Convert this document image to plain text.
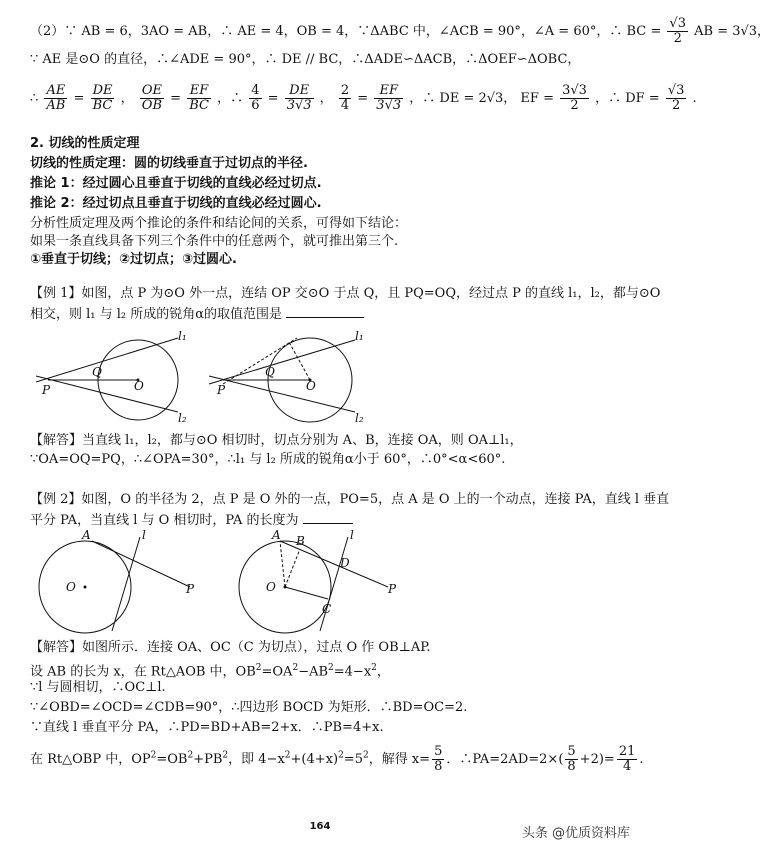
（2）∵ AB = 6，3AO = AB，∴ AE = 4，OB = 4，∵ΔABC 中，∠ACB = 90°，∠A = 60°，∴ BC = $\frac{√3}{2}$ AB = 3√3，
∵ AE 是⊙O 的直径，∴∠ADE = 90°，∴ DE // BC，∴ΔADE∽ΔACB，∴ΔOEF∽ΔOBC，
∴ $\frac{AE}{AB} = \frac{DE}{BC}$ ， $\frac{OE}{OB} = \frac{EF}{BC}$ ，∴ $\frac{4}{6} = \frac{DE}{3√3}$ ， $\frac{2}{4} = \frac{EF}{3√3}$ ，∴ DE = 2√3， EF = $\frac{3√3}{2}$ ，∴ DF = $\frac{√3}{2}$ .
2. 切线的性质定理
切线的性质定理：圆的切线垂直于过切点的半径.
推论 1：经过圆心且垂直于切线的直线必经过切点.
推论 2：经过切点且垂直于切线的直线必经过圆心.
分析性质定理及两个推论的条件和结论间的关系，可得如下结论：
如果一条直线具备下列三个条件中的任意两个，就可推出第三个.
①垂直于切线；②过切点；③过圆心.
【例 1】如图，点 P 为⊙O 外一点，连结 OP 交⊙O 于点 Q，且 PQ=OQ，经过点 P 的直线 l₁，l₂，都与⊙O
相交，则 l₁ 与 l₂ 所成的锐角α的取值范围是
l₁
l₂
P
Q
O
l₁
l₂
P
Q
O
【解答】当直线 l₁，l₂，都与⊙O 相切时，切点分别为 A、B，连接 OA，则 OA⊥l₁，
∵OA=OQ=PQ，∴∠OPA=30°，∴l₁ 与 l₂ 所成的锐角α小于 60°，∴0°<α<60°.
【例 2】如图，O 的半径为 2，点 P 是 O 外的一点，PO=5，点 A 是 O 上的一个动点，连接 PA，直线 l 垂直
平分 PA，当直线 l 与 O 相切时，PA 的长度为
A	l
O	P
A B
D
l
C
O	P
【解答】如图所示．连接 OA、OC（C 为切点），过点 O 作 OB⊥AP.
设 AB 的长为 x，在 Rt△AOB 中，$OB^2=OA^2-AB^2=4-x^2$，
∵l 与圆相切，∴OC⊥l.
∵∠OBD=∠OCD=∠CDB=90°，∴四边形 BOCD 为矩形．∴BD=OC=2.
∵直线 l 垂直平分 PA，∴PD=BD+AB=2+x．∴PB=4+x.
在 Rt△OBP 中，$OP^2=OB^2+PB^2$，即 $4-x^2+(4+x)^2=5^2$，解得 $x= \frac{5}{8}$ ．∴PA=2AD=2×( $\frac{5}{8} +2)= \frac{21}{4}$ .
164	头条 @优质资料库
